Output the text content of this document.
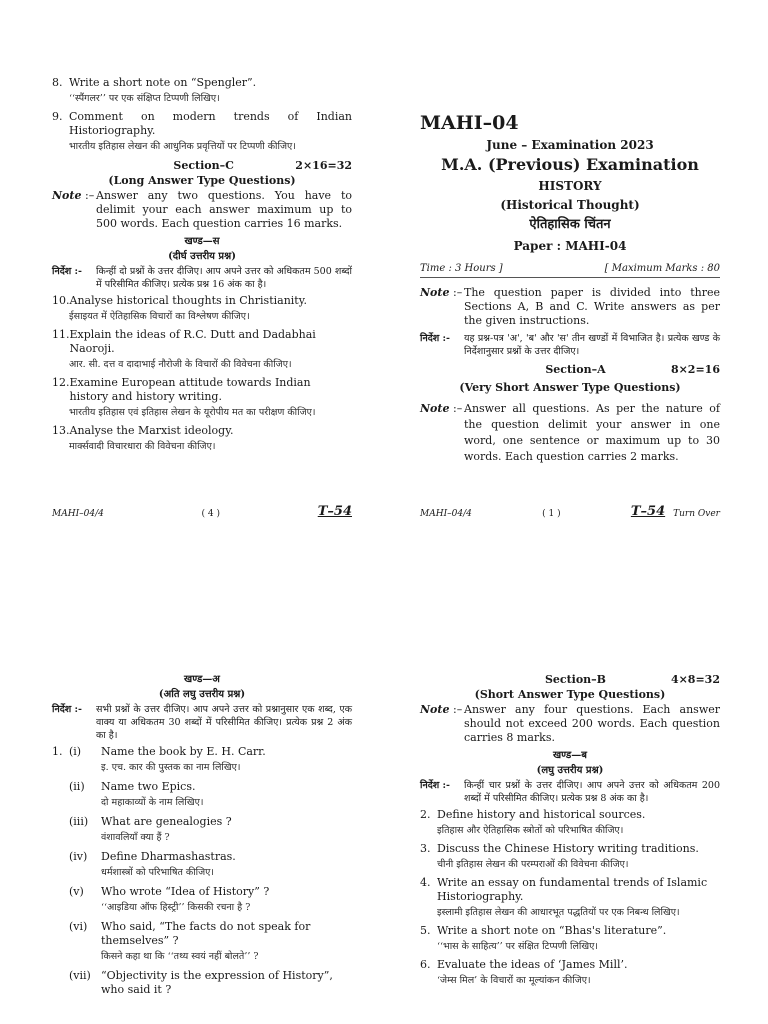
8. Write a short note on “Spengler”.
‘‘स्पैंगलर’’ पर एक संक्षिप्त टिप्पणी लिखिए।
9. Comment on modern trends of Indian Historiography.
भारतीय इतिहास लेखन की आधुनिक प्रवृत्तियों पर टिप्पणी कीजिए।
Section–C	2×16=32
(Long Answer Type Questions)
Note :– Answer any two questions. You have to delimit your each answer maximum up to 500 words. Each question carries 16 marks.
खण्ड—स
(दीर्घ उत्तरीय प्रश्न)
निर्देश :-	किन्हीं दो प्रश्नों के उत्तर दीजिए। आप अपने उत्तर को अधिकतम 500 शब्दों में परिसीमित कीजिए। प्रत्येक प्रश्न 16 अंक का है।
10. Analyse historical thoughts in Christianity.
ईसाइयत में ऐतिहासिक विचारों का विश्लेषण कीजिए।
11. Explain the ideas of R.C. Dutt and Dadabhai Naoroji.
आर. सी. दत्त व दादाभाई नौरोजी के विचारों की विवेचना कीजिए।
12. Examine European attitude towards Indian history and history writing.
भारतीय इतिहास एवं इतिहास लेखन के यूरोपीय मत का परीक्षण कीजिए।
13. Analyse the Marxist ideology.
मार्क्सवादी विचारधारा की विवेचना कीजिए।
MAHI–04/4	( 4 )	T–54
MAHI–04
June – Examination 2023
M.A. (Previous) Examination
HISTORY
(Historical Thought)
ऐतिहासिक चिंतन
Paper : MAHI-04
Time : 3 Hours ]	[ Maximum Marks : 80
Note :– The question paper is divided into three Sections A, B and C. Write answers as per the given instructions.
निर्देश :-	यह प्रश्न-पत्र 'अ', 'ब' और 'स' तीन खण्डों में विभाजित है। प्रत्येक खण्ड के निर्देशानुसार प्रश्नों के उत्तर दीजिए।
Section–A	8×2=16
(Very Short Answer Type Questions)
Note :– Answer all questions. As per the nature of the question delimit your answer in one word, one sentence or maximum up to 30 words. Each question carries 2 marks.
MAHI–04/4	( 1 )	T–54 Turn Over
खण्ड—अ
(अति लघु उत्तरीय प्रश्न)
निर्देश :-	सभी प्रश्नों के उत्तर दीजिए। आप अपने उत्तर को प्रश्नानुसार एक शब्द, एक वाक्य या अधिकतम 30 शब्दों में परिसीमित कीजिए। प्रत्येक प्रश्न 2 अंक का है।
1. (i)	Name the book by E. H. Carr.
इ. एच. कार की पुस्तक का नाम लिखिए।
(ii)	Name two Epics.
दो महाकाव्यों के नाम लिखिए।
(iii)	What are genealogies ?
वंशावलियाँ क्या हैं ?
(iv)	Define Dharmashastras.
धर्मशास्त्रों को परिभाषित कीजिए।
(v)	Who wrote “Idea of History” ?
‘‘आइडिया ऑफ हिस्ट्री’’ किसकी रचना है ?
(vi)	Who said, “The facts do not speak for themselves” ?
किसने कहा था कि ‘‘तथ्य स्वयं नहीं बोलते’’ ?
(vii) “Objectivity is the expression of History”, who said it ?
Section–B	4×8=32
(Short Answer Type Questions)
Note :– Answer any four questions. Each answer should not exceed 200 words. Each question carries 8 marks.
खण्ड—ब
(लघु उत्तरीय प्रश्न)
निर्देश :-	किन्हीं चार प्रश्नों के उत्तर दीजिए। आप अपने उत्तर को अधिकतम 200 शब्दों में परिसीमित कीजिए। प्रत्येक प्रश्न 8 अंक का है।
2. Define history and historical sources.
इतिहास और ऐतिहासिक स्त्रोतों को परिभाषित कीजिए।
3. Discuss the Chinese History writing traditions.
चीनी इतिहास लेखन की परम्पराओं की विवेचना कीजिए।
4. Write an essay on fundamental trends of Islamic Historiography.
इस्लामी इतिहास लेखन की आधारभूत पद्धतियों पर एक निबन्ध लिखिए।
5. Write a short note on “Bhas's literature”.
‘‘भास के साहित्य’’ पर संक्षित टिप्पणी लिखिए।
6. Evaluate the ideas of ‘James Mill’.
‘जेम्स मिल’ के विचारों का मूल्यांकन कीजिए।
